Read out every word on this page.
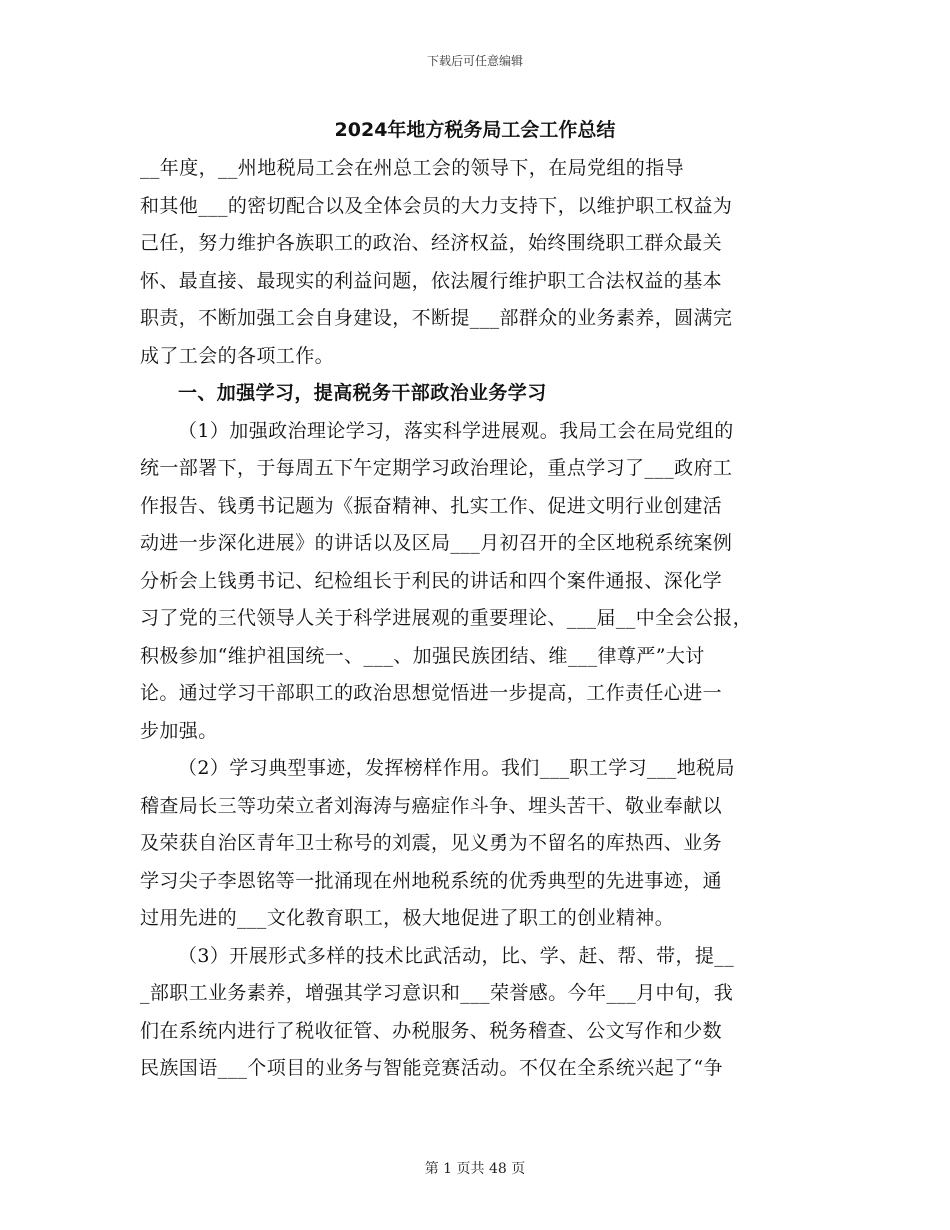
下载后可任意编辑
2024年地方税务局工会工作总结
__年度，__州地税局工会在州总工会的领导下，在局党组的指导
和其他___的密切配合以及全体会员的大力支持下，以维护职工权益为
己任，努力维护各族职工的政治、经济权益，始终围绕职工群众最关
怀、最直接、最现实的利益问题，依法履行维护职工合法权益的基本
职责，不断加强工会自身建设，不断提___部群众的业务素养，圆满完
成了工会的各项工作。
一、加强学习，提高税务干部政治业务学习
（1）加强政治理论学习，落实科学进展观。我局工会在局党组的
统一部署下，于每周五下午定期学习政治理论，重点学习了___政府工
作报告、钱勇书记题为《振奋精神、扎实工作、促进文明行业创建活
动进一步深化进展》的讲话以及区局___月初召开的全区地税系统案例
分析会上钱勇书记、纪检组长于利民的讲话和四个案件通报、深化学
习了党的三代领导人关于科学进展观的重要理论、___届__中全会公报，
积极参加“维护祖国统一、___、加强民族团结、维___律尊严”大讨
论。通过学习干部职工的政治思想觉悟进一步提高，工作责任心进一
步加强。
（2）学习典型事迹，发挥榜样作用。我们___职工学习___地税局
稽查局长三等功荣立者刘海涛与癌症作斗争、埋头苦干、敬业奉献以
及荣获自治区青年卫士称号的刘震，见义勇为不留名的库热西、业务
学习尖子李恩铭等一批涌现在州地税系统的优秀典型的先进事迹，通
过用先进的___文化教育职工，极大地促进了职工的创业精神。
（3）开展形式多样的技术比武活动，比、学、赶、帮、带，提__
_部职工业务素养，增强其学习意识和___荣誉感。今年___月中旬，我
们在系统内进行了税收征管、办税服务、税务稽查、公文写作和少数
民族国语___个项目的业务与智能竞赛活动。不仅在全系统兴起了“争
第 1 页共 48 页
